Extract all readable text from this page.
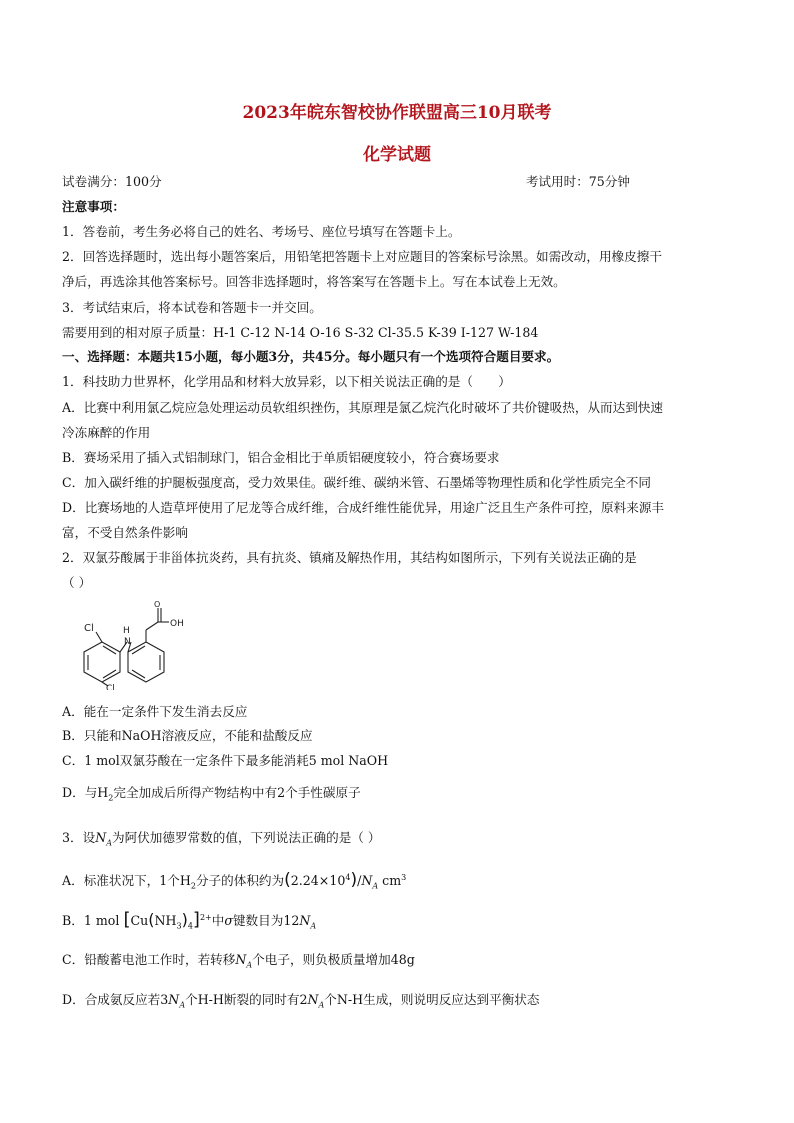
2023年皖东智校协作联盟高三10月联考
化学试题
试卷满分：100分	考试用时：75分钟
注意事项：
1．答卷前，考生务必将自己的姓名、考场号、座位号填写在答题卡上。
2．回答选择题时，选出每小题答案后，用铅笔把答题卡上对应题目的答案标号涂黑。如需改动，用橡皮擦干
净后，再选涂其他答案标号。回答非选择题时，将答案写在答题卡上。写在本试卷上无效。
3．考试结束后，将本试卷和答题卡一并交回。
需要用到的相对原子质量：H-1 C-12 N-14 O-16 S-32 Cl-35.5 K-39 I-127 W-184
一、选择题：本题共15小题，每小题3分，共45分。每小题只有一个选项符合题目要求。
1．科技助力世界杯，化学用品和材料大放异彩，以下相关说法正确的是（　　）
A．比赛中利用氯乙烷应急处理运动员软组织挫伤，其原理是氯乙烷汽化时破坏了共价键吸热，从而达到快速
冷冻麻醉的作用
B．赛场采用了插入式铝制球门，铝合金相比于单质铝硬度较小，符合赛场要求
C．加入碳纤维的护腿板强度高，受力效果佳。碳纤维、碳纳米管、石墨烯等物理性质和化学性质完全不同
D．比赛场地的人造草坪使用了尼龙等合成纤维，合成纤维性能优异，用途广泛且生产条件可控，原料来源丰
富，不受自然条件影响
2．双氯芬酸属于非甾体抗炎药，具有抗炎、镇痛及解热作用，其结构如图所示，下列有关说法正确的是
（ ）
Cl
Cl
N
H
OH
O
A．能在一定条件下发生消去反应
B．只能和NaOH溶液反应，不能和盐酸反应
C．1 mol双氯芬酸在一定条件下最多能消耗5 mol NaOH
D．与$H_2$完全加成后所得产物结构中有2个手性碳原子
3．设$N_A$为阿伏加德罗常数的值，下列说法正确的是（ ）
A．标准状况下，1个$H_2$分子的体积约为$(2.24\times 10^4)/N_A$ $cm^3$
B．1 mol $[Cu(NH_3)_4]^{2+}$中σ键数目为$12N_A$
C．铅酸蓄电池工作时，若转移$N_A$个电子，则负极质量增加48g
D．合成氨反应若$3N_A$个H-H断裂的同时有$2N_A$个N-H生成，则说明反应达到平衡状态
